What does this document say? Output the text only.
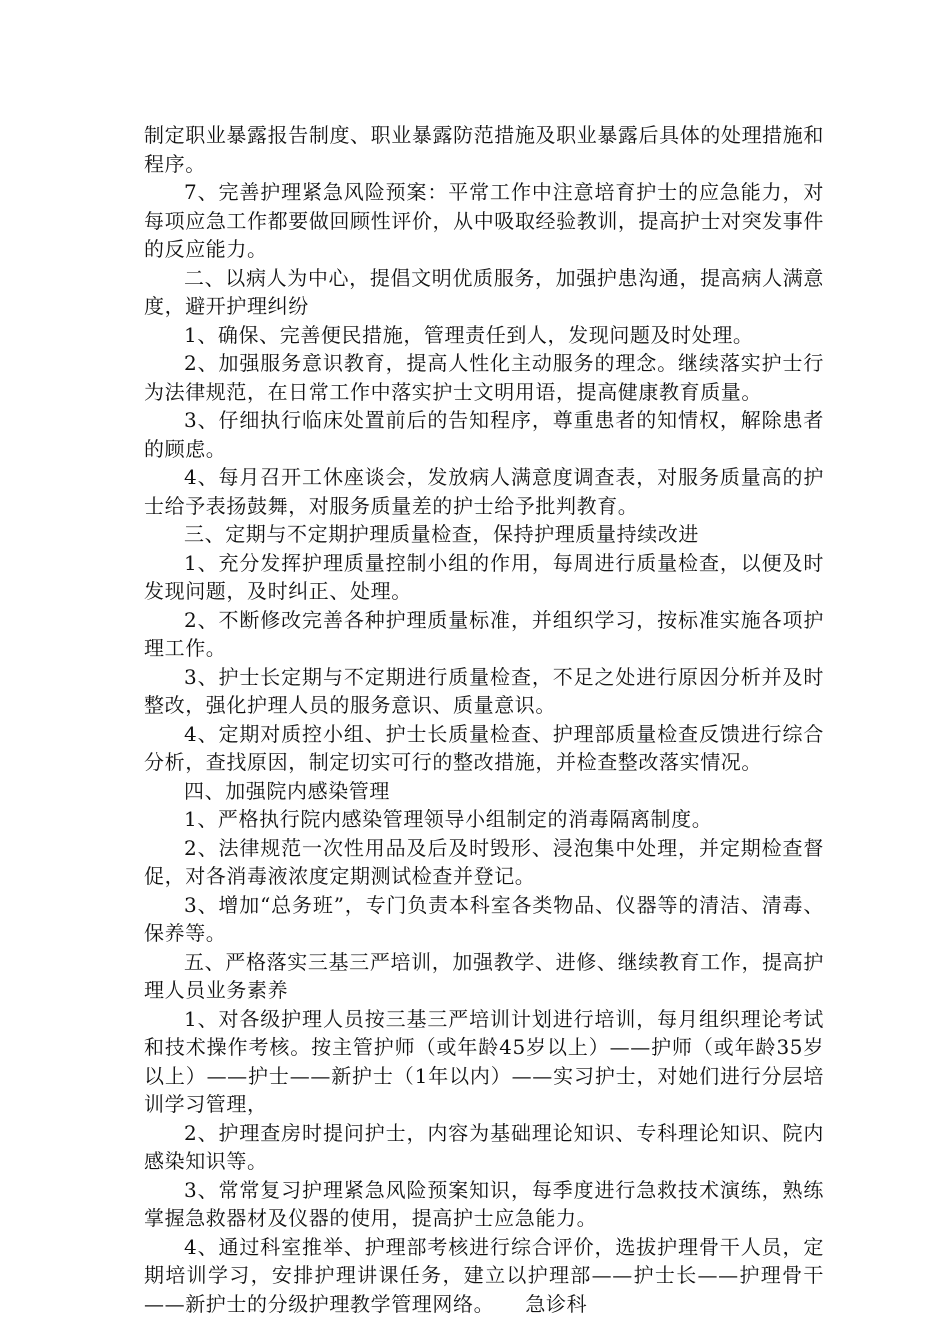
制定职业暴露报告制度、职业暴露防范措施及职业暴露后具体的处理措施和程序。

7、完善护理紧急风险预案：平常工作中注意培育护士的应急能力，对每项应急工作都要做回顾性评价，从中吸取经验教训，提高护士对突发事件的反应能力。

二、以病人为中心，提倡文明优质服务，加强护患沟通，提高病人满意度，避开护理纠纷

1、确保、完善便民措施，管理责任到人，发现问题及时处理。

2、加强服务意识教育，提高人性化主动服务的理念。继续落实护士行为法律规范，在日常工作中落实护士文明用语，提高健康教育质量。

3、仔细执行临床处置前后的告知程序，尊重患者的知情权，解除患者的顾虑。

4、每月召开工休座谈会，发放病人满意度调查表，对服务质量高的护士给予表扬鼓舞，对服务质量差的护士给予批判教育。

三、定期与不定期护理质量检查，保持护理质量持续改进

1、充分发挥护理质量控制小组的作用，每周进行质量检查，以便及时发现问题，及时纠正、处理。

2、不断修改完善各种护理质量标准，并组织学习，按标准实施各项护理工作。

3、护士长定期与不定期进行质量检查，不足之处进行原因分析并及时整改，强化护理人员的服务意识、质量意识。

4、定期对质控小组、护士长质量检查、护理部质量检查反馈进行综合分析，查找原因，制定切实可行的整改措施，并检查整改落实情况。

四、加强院内感染管理

1、严格执行院内感染管理领导小组制定的消毒隔离制度。

2、法律规范一次性用品及后及时毁形、浸泡集中处理，并定期检查督促，对各消毒液浓度定期测试检查并登记。

3、增加“总务班”，专门负责本科室各类物品、仪器等的清洁、清毒、保养等。

五、严格落实三基三严培训，加强教学、进修、继续教育工作，提高护理人员业务素养

1、对各级护理人员按三基三严培训计划进行培训，每月组织理论考试和技术操作考核。按主管护师（或年龄45岁以上）——护师（或年龄35岁以上）——护士——新护士（1年以内）——实习护士，对她们进行分层培训学习管理，

2、护理查房时提问护士，内容为基础理论知识、专科理论知识、院内感染知识等。

3、常常复习护理紧急风险预案知识，每季度进行急救技术演练，熟练掌握急救器材及仪器的使用，提高护士应急能力。

4、通过科室推举、护理部考核进行综合评价，选拔护理骨干人员，定期培训学习，安排护理讲课任务，建立以护理部——护士长——护理骨干——新护士的分级护理教学管理网络。　　急诊科
